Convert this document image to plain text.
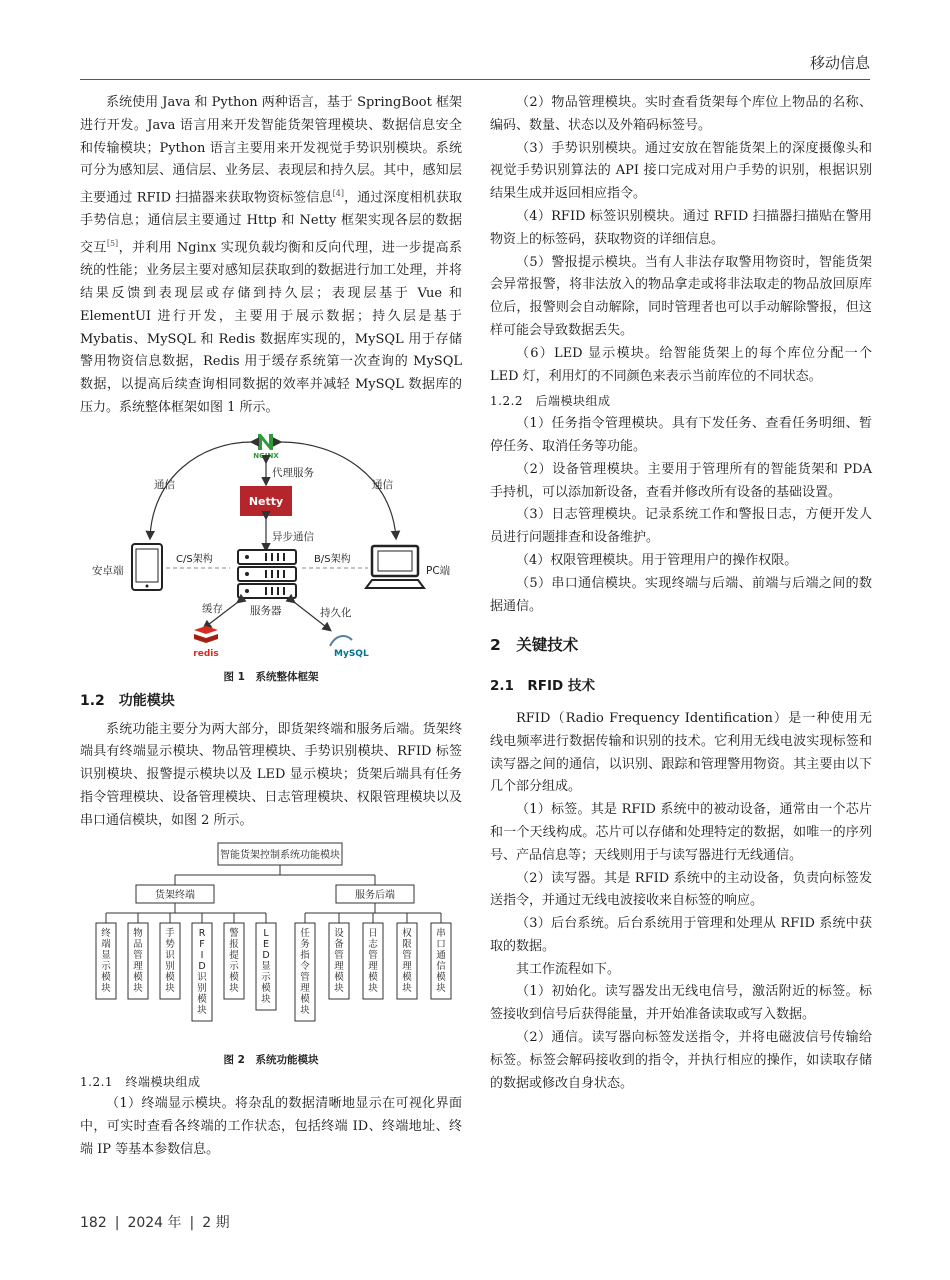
移动信息

系统使用 Java 和 Python 两种语言，基于 SpringBoot 框架进行开发。Java 语言用来开发智能货架管理模块、数据信息安全和传输模块；Python 语言主要用来开发视觉手势识别模块。系统可分为感知层、通信层、业务层、表现层和持久层。其中，感知层主要通过 RFID 扫描器来获取物资标签信息[4]，通过深度相机获取手势信息；通信层主要通过 Http 和 Netty 框架实现各层的数据交互[5]，并利用 Nginx 实现负载均衡和反向代理，进一步提高系统的性能；业务层主要对感知层获取到的数据进行加工处理，并将结果反馈到表现层或存储到持久层；表现层基于 Vue 和 ElementUI 进行开发，主要用于展示数据；持久层是基于 Mybatis、MySQL 和 Redis 数据库实现的，MySQL 用于存储警用物资信息数据，Redis 用于缓存系统第一次查询的 MySQL 数据，以提高后续查询相同数据的效率并减轻 MySQL 数据库的压力。系统整体框架如图 1 所示。

NGINX
代理服务
Netty
异步通信
通信	通信
安卓端
C/S架构	B/S架构
服务器
PC端
缓存	持久化
redis	MySQL
图 1　系统整体框架
1.2　功能模块

系统功能主要分为两大部分，即货架终端和服务后端。货架终端具有终端显示模块、物品管理模块、手势识别模块、RFID 标签识别模块、报警提示模块以及 LED 显示模块；货架后端具有任务指令管理模块、设备管理模块、日志管理模块、权限管理模块以及串口通信模块，如图 2 所示。

智能货架控制系统功能模块
货架终端	服务后端
终端显示模块
物品管理模块
手势识别模块
R F I D 识别模块
警报提示模块
L E D 显示模块
任务指令管理模块
设备管理模块
日志管理模块
权限管理模块
串口通信模块
图 2　系统功能模块
1.2.1　终端模块组成

（1）终端显示模块。将杂乱的数据清晰地显示在可视化界面中，可实时查看各终端的工作状态，包括终端 ID、终端地址、终端 IP 等基本参数信息。

（2）物品管理模块。实时查看货架每个库位上物品的名称、编码、数量、状态以及外箱码标签号。

（3）手势识别模块。通过安放在智能货架上的深度摄像头和视觉手势识别算法的 API 接口完成对用户手势的识别，根据识别结果生成并返回相应指令。

（4）RFID 标签识别模块。通过 RFID 扫描器扫描贴在警用物资上的标签码，获取物资的详细信息。

（5）警报提示模块。当有人非法存取警用物资时，智能货架会异常报警，将非法放入的物品拿走或将非法取走的物品放回原库位后，报警则会自动解除，同时管理者也可以手动解除警报，但这样可能会导致数据丢失。

（6）LED 显示模块。给智能货架上的每个库位分配一个 LED 灯，利用灯的不同颜色来表示当前库位的不同状态。

1.2.2　后端模块组成

（1）任务指令管理模块。具有下发任务、查看任务明细、暂停任务、取消任务等功能。

（2）设备管理模块。主要用于管理所有的智能货架和 PDA 手持机，可以添加新设备，查看并修改所有设备的基础设置。

（3）日志管理模块。记录系统工作和警报日志，方便开发人员进行问题排查和设备维护。

（4）权限管理模块。用于管理用户的操作权限。

（5）串口通信模块。实现终端与后端、前端与后端之间的数据通信。

2　关键技术
2.1　RFID 技术

RFID（Radio Frequency Identification）是一种使用无线电频率进行数据传输和识别的技术。它利用无线电波实现标签和读写器之间的通信，以识别、跟踪和管理警用物资。其主要由以下几个部分组成。

（1）标签。其是 RFID 系统中的被动设备，通常由一个芯片和一个天线构成。芯片可以存储和处理特定的数据，如唯一的序列号、产品信息等；天线则用于与读写器进行无线通信。

（2）读写器。其是 RFID 系统中的主动设备，负责向标签发送指令，并通过无线电波接收来自标签的响应。

（3）后台系统。后台系统用于管理和处理从 RFID 系统中获取的数据。

其工作流程如下。

（1）初始化。读写器发出无线电信号，激活附近的标签。标签接收到信号后获得能量，并开始准备读取或写入数据。

（2）通信。读写器向标签发送指令，并将电磁波信号传输给标签。标签会解码接收到的指令，并执行相应的操作，如读取存储的数据或修改自身状态。

182 | 2024 年 | 2 期
